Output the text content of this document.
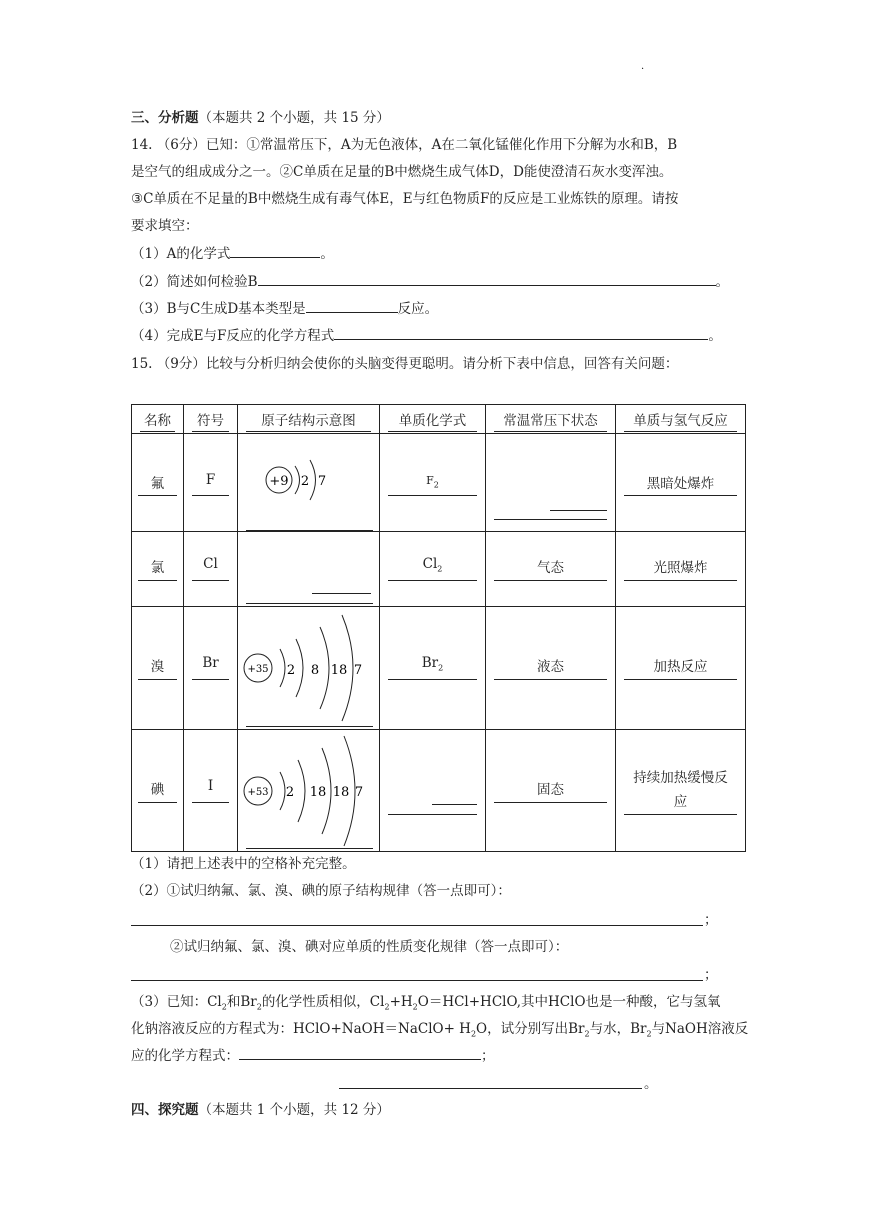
·
三、分析题（本题共 2 个小题，共 15 分）
14. （6分）已知：①常温常压下，A为无色液体，A在二氧化锰催化作用下分解为水和B，B
是空气的组成成分之一。②C单质在足量的B中燃烧生成气体D，D能使澄清石灰水变浑浊。
③C单质在不足量的B中燃烧生成有毒气体E，E与红色物质F的反应是工业炼铁的原理。请按
要求填空：
（1）A的化学式	。
（2）简述如何检验B	。
（3）B与C生成D基本类型是	反应。
（4）完成E与F反应的化学方程式	。
15. （9分）比较与分析归纳会使你的头脑变得更聪明。请分析下表中信息，回答有关问题：
名称	符号	原子结构示意图	单质化学式	常温常压下状态	单质与氢气反应

氟	F	+9 2 7	$F_2$		黑暗处爆炸

氯	Cl		$Cl_2$	气态	光照爆炸

溴	Br	+35 2 8 18 7	$Br_2$	液态	加热反应

碘	I	+53 2 18 18 7		固态	持续加热缓慢反
应
（1）请把上述表中的空格补充完整。
（2）①试归纳氟、氯、溴、碘的原子结构规律（答一点即可）：
；
②试归纳氟、氯、溴、碘对应单质的性质变化规律（答一点即可）：
；
（3）已知：$Cl_2$和$Br_2$的化学性质相似，$Cl_2+H_2O=HCl+HClO$,其中HClO也是一种酸，它与氢氧
化钠溶液反应的方程式为：HClO+NaOH＝NaClO+ $H_2O$，试分别写出$Br_2$与水，$Br_2$与NaOH溶液反
应的化学方程式：	；
。
四、探究题（本题共 1 个小题，共 12 分）
